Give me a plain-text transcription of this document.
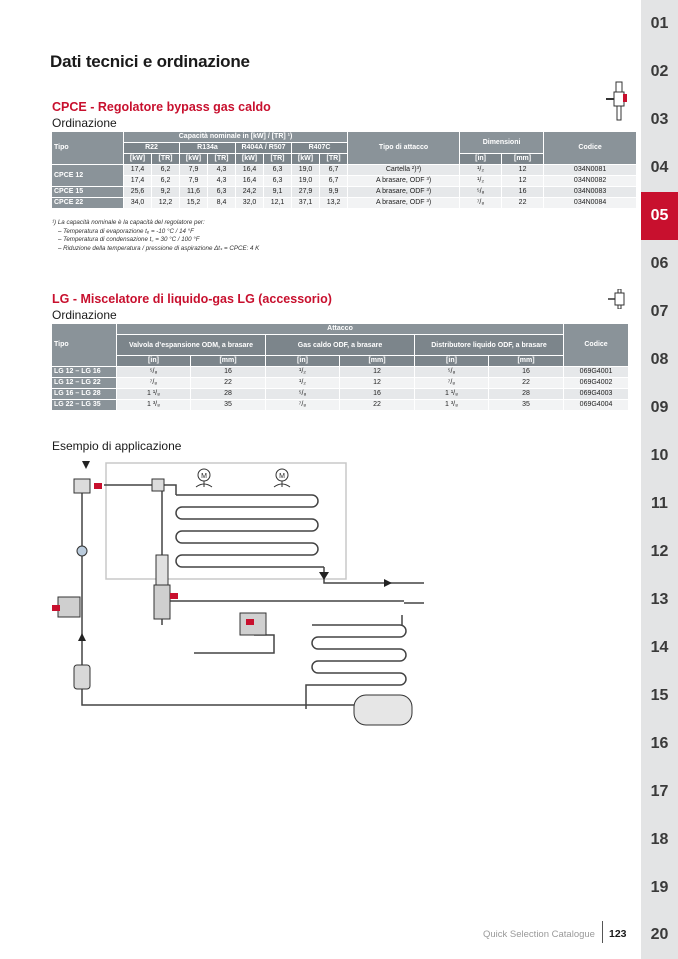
Dati tecnici e ordinazione
CPCE - Regolatore bypass gas caldo
Ordinazione
Tipo	Capacità nominale in [kW] / [TR] ¹)								Tipo di attacco	Dimensioni		Codice
	R22		R134a		R404A / R507		R407C					
	[kW]	[TR]	[kW]	[TR]	[kW]	[TR]	[kW]	[TR]		[in]	[mm]	
CPCE 12	17,4	6,2	7,9	4,3	16,4	6,3	19,0	6,7	Cartella ²)³)	¹/₂	12	034N0081
	17,4	6,2	7,9	4,3	16,4	6,3	19,0	6,7	A brasare, ODF ³)	¹/₂	12	034N0082
CPCE 15	25,6	9,2	11,6	6,3	24,2	9,1	27,9	9,9	A brasare, ODF ³)	⁵/₈	16	034N0083
CPCE 22	34,0	12,2	15,2	8,4	32,0	12,1	37,1	13,2	A brasare, ODF ³)	⁷/₈	22	034N0084
¹) La capacità nominale è la capacità del regolatore per:
– Temperatura di evaporazione tₑ = -10 °C / 14 °F
– Temperatura di condensazione t꜀ = 30 °C / 100 °F
– Riduzione della temperatura / pressione di aspirazione Δtₛ = CPCE: 4 K
LG - Miscelatore di liquido-gas LG (accessorio)
Ordinazione
Tipo	Attacco						Codice
	Valvola d’espansione ODM, a brasare		Gas caldo ODF, a brasare		Distributore liquido ODF, a brasare		
	[in]	[mm]	[in]	[mm]	[in]	[mm]	
LG 12 – LG 16	⁵/₈	16	¹/₂	12	⁵/₈	16	069G4001
LG 12 – LG 22	⁷/₈	22	¹/₂	12	⁷/₈	22	069G4002
LG 16 – LG 28	1 ¹/₈	28	⁵/₈	16	1 ¹/₈	28	069G4003
LG 22 – LG 35	1 ³/₈	35	⁷/₈	22	1 ³/₈	35	069G4004
Esempio di applicazione
M	M
01
02
03
04
05
06
07
08
09
10
11
12
13
14
15
16
17
18
19
20
Quick Selection Catalogue 123
